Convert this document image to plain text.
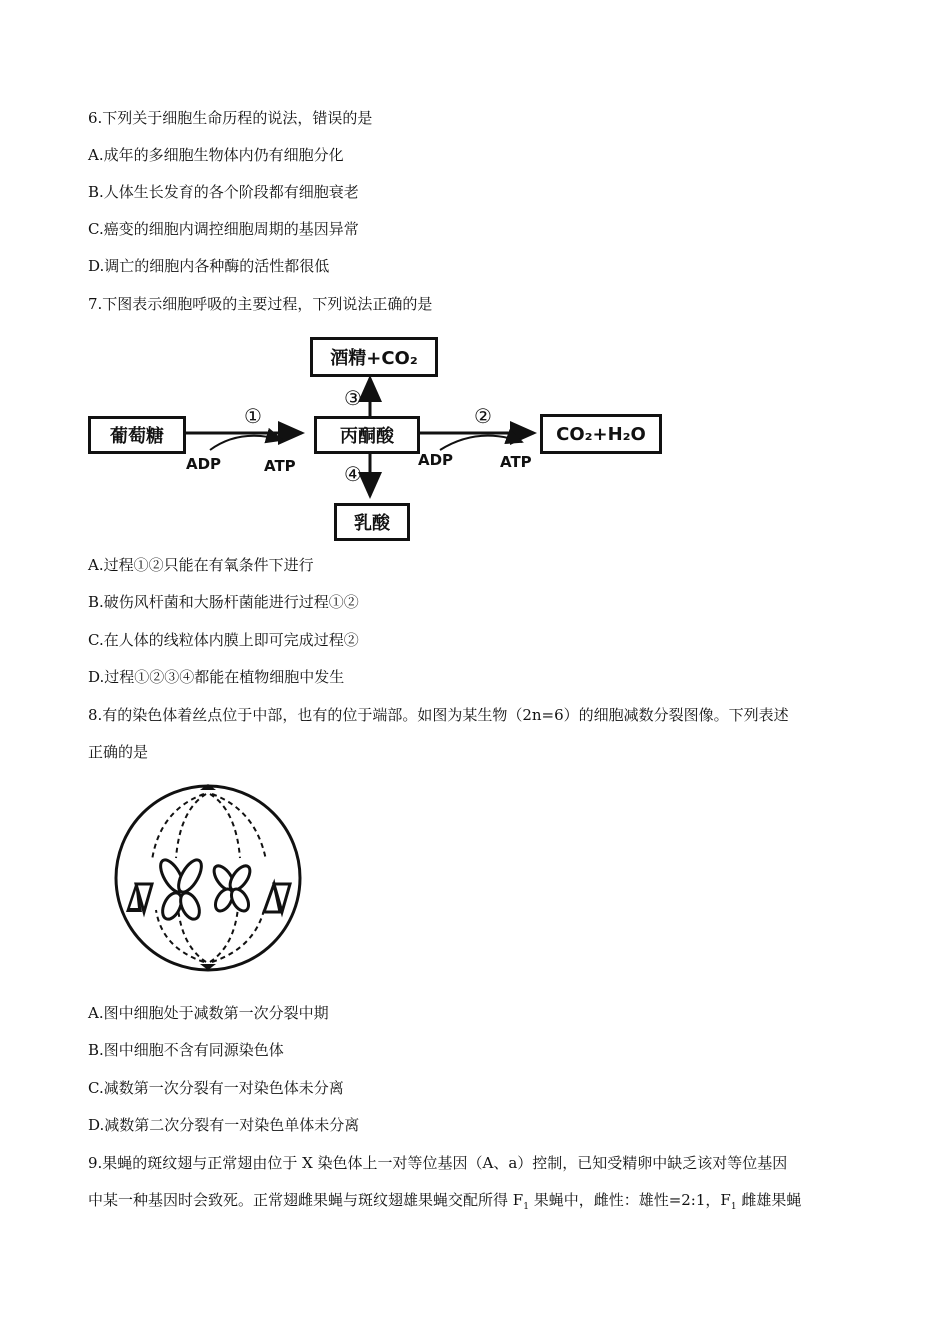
6.下列关于细胞生命历程的说法，错误的是
A.成年的多细胞生物体内仍有细胞分化
B.人体生长发育的各个阶段都有细胞衰老
C.癌变的细胞内调控细胞周期的基因异常
D.调亡的细胞内各种酶的活性都很低
7.下图表示细胞呼吸的主要过程，下列说法正确的是
酒精+CO₂
葡萄糖	丙酮酸	CO₂+H₂O
乳酸
①	②
③
④
ADP	ATP	ADP	ATP
A.过程①②只能在有氧条件下进行
B.破伤风杆菌和大肠杆菌能进行过程①②
C.在人体的线粒体内膜上即可完成过程②
D.过程①②③④都能在植物细胞中发生
8.有的染色体着丝点位于中部，也有的位于端部。如图为某生物（2n=6）的细胞减数分裂图像。下列表述
正确的是
A.图中细胞处于减数第一次分裂中期
B.图中细胞不含有同源染色体
C.减数第一次分裂有一对染色体未分离
D.减数第二次分裂有一对染色单体未分离
9.果蝇的斑纹翅与正常翅由位于 X 染色体上一对等位基因（A、a）控制，已知受精卵中缺乏该对等位基因
中某一种基因时会致死。正常翅雌果蝇与斑纹翅雄果蝇交配所得 $F_1$ 果蝇中，雌性：雄性=2:1，$F_1$ 雌雄果蝇
